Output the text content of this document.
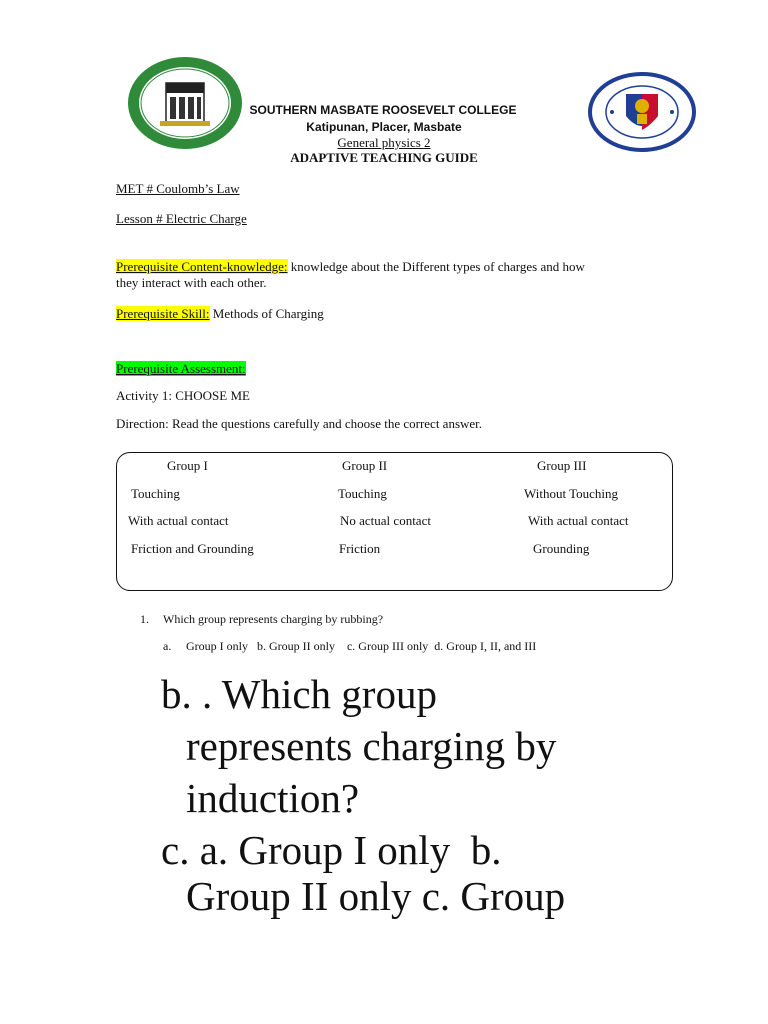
SOUTHERN MASBATE ROOSEVELT COLLEGE
Katipunan, Placer, Masbate
General physics 2
ADAPTIVE TEACHING GUIDE
MET # Coulomb’s Law
Lesson # Electric Charge
Prerequisite Content-knowledge: knowledge about the Different types of charges and how
they interact with each other.
Prerequisite Skill: Methods of Charging
Prerequisite Assessment:
Activity 1: CHOOSE ME
Direction: Read the questions carefully and choose the correct answer.
Group I	Group II	Group III
Touching	Touching	Without Touching
With actual contact	No actual contact	With actual contact
Friction and Grounding	Friction	Grounding
1. Which group represents charging by rubbing?
a. Group I only   b. Group II only    c. Group III only  d. Group I, II, and III
b. . Which group
represents charging by
induction?
c. a. Group I only  b.
Group II only c. Group
